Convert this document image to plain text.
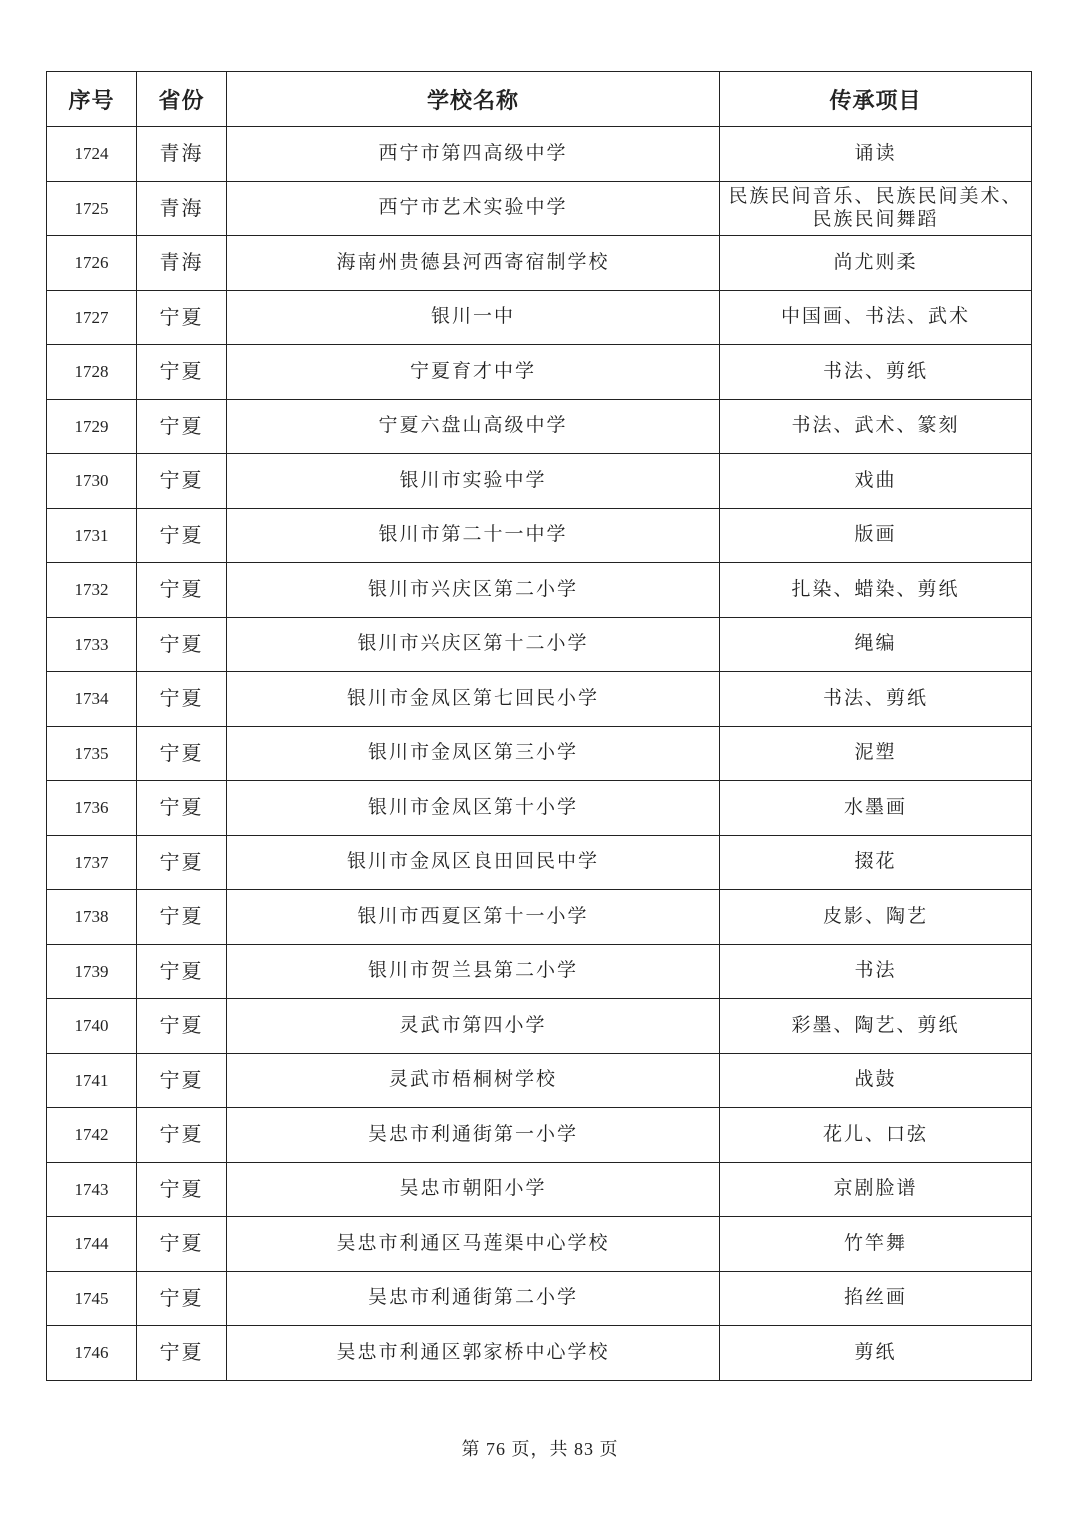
序号	省份	学校名称	传承项目
1724	青海	西宁市第四高级中学	诵读
1725	青海	西宁市艺术实验中学	民族民间音乐、民族民间美术、民族民间舞蹈
1726	青海	海南州贵德县河西寄宿制学校	尚尤则柔
1727	宁夏	银川一中	中国画、书法、武术
1728	宁夏	宁夏育才中学	书法、剪纸
1729	宁夏	宁夏六盘山高级中学	书法、武术、篆刻
1730	宁夏	银川市实验中学	戏曲
1731	宁夏	银川市第二十一中学	版画
1732	宁夏	银川市兴庆区第二小学	扎染、蜡染、剪纸
1733	宁夏	银川市兴庆区第十二小学	绳编
1734	宁夏	银川市金凤区第七回民小学	书法、剪纸
1735	宁夏	银川市金凤区第三小学	泥塑
1736	宁夏	银川市金凤区第十小学	水墨画
1737	宁夏	银川市金凤区良田回民中学	掇花
1738	宁夏	银川市西夏区第十一小学	皮影、陶艺
1739	宁夏	银川市贺兰县第二小学	书法
1740	宁夏	灵武市第四小学	彩墨、陶艺、剪纸
1741	宁夏	灵武市梧桐树学校	战鼓
1742	宁夏	吴忠市利通街第一小学	花儿、口弦
1743	宁夏	吴忠市朝阳小学	京剧脸谱
1744	宁夏	吴忠市利通区马莲渠中心学校	竹竿舞
1745	宁夏	吴忠市利通街第二小学	掐丝画
1746	宁夏	吴忠市利通区郭家桥中心学校	剪纸
第 76 页，共 83 页
